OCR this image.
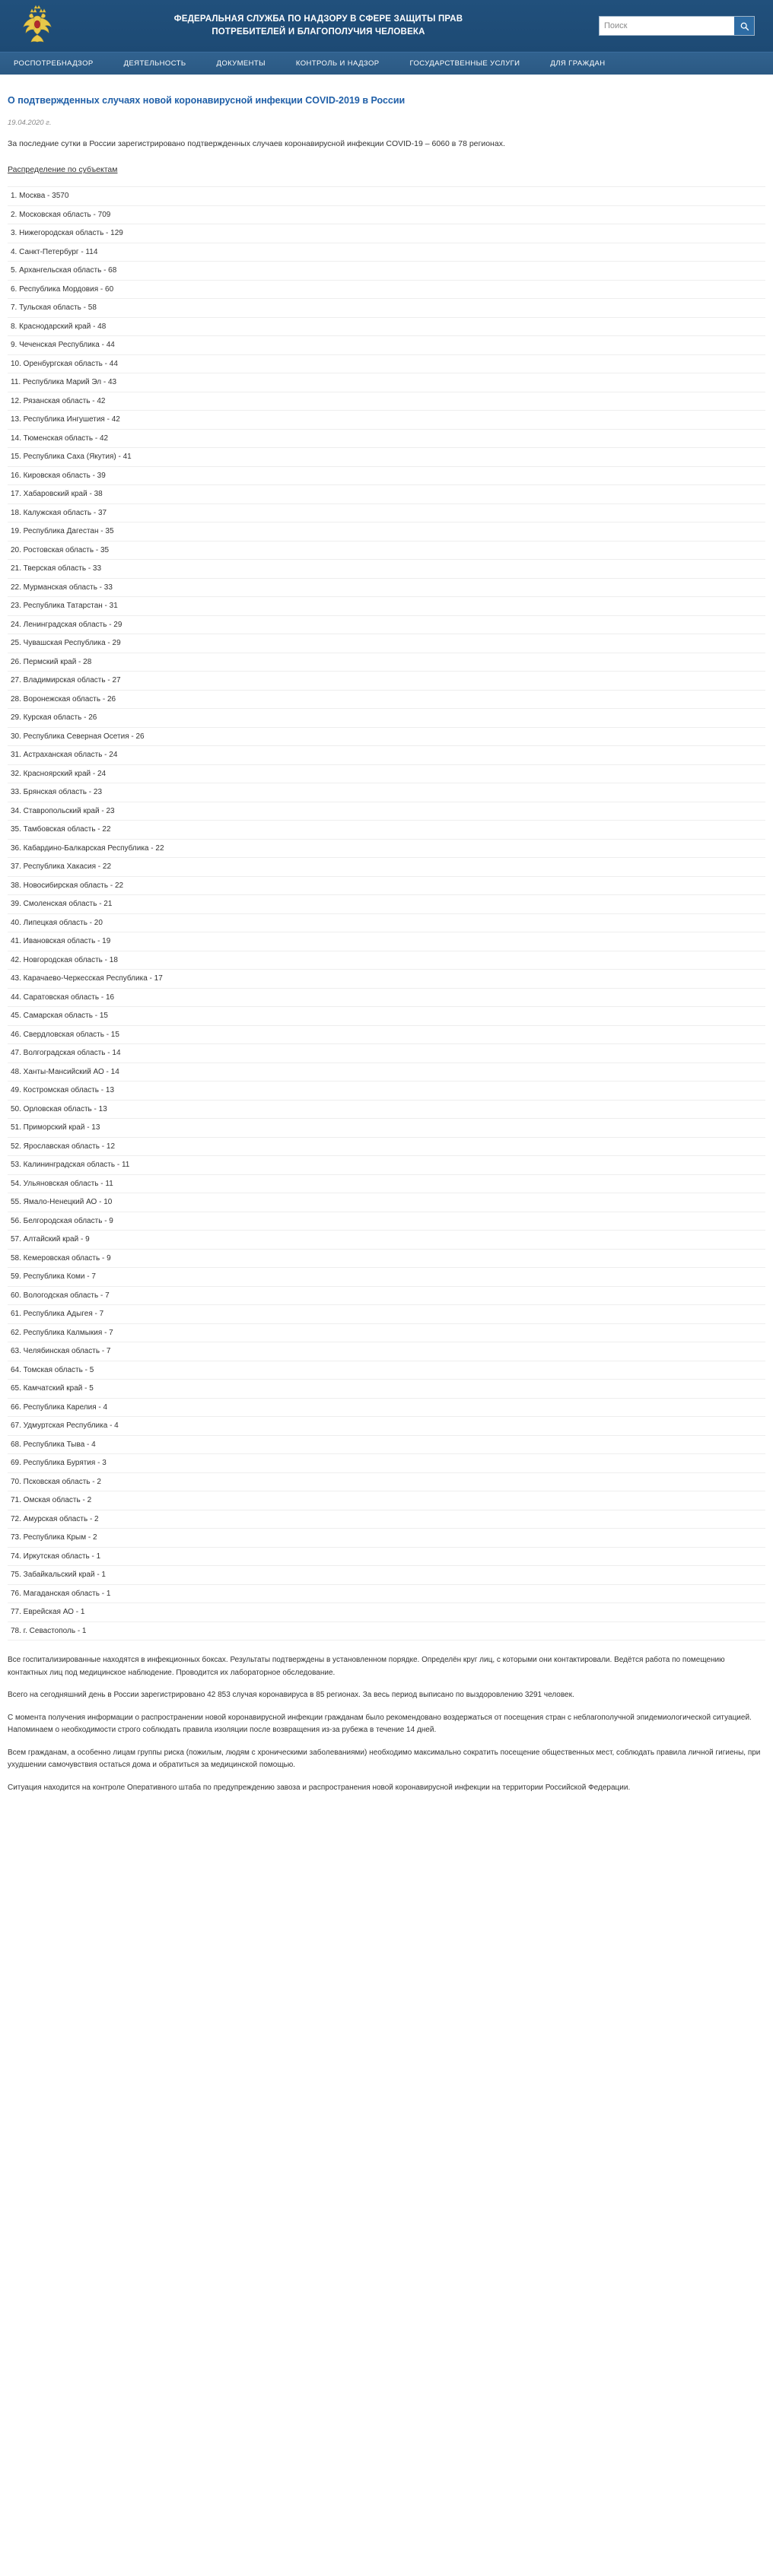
ФЕДЕРАЛЬНАЯ СЛУЖБА ПО НАДЗОРУ В СФЕРЕ ЗАЩИТЫ ПРАВ
ПОТРЕБИТЕЛЕЙ И БЛАГОПОЛУЧИЯ ЧЕЛОВЕКА
Поиск
РОСПОТРЕБНАДЗОР	ДЕЯТЕЛЬНОСТЬ	ДОКУМЕНТЫ	КОНТРОЛЬ И НАДЗОР	ГОСУДАРСТВЕННЫЕ УСЛУГИ	ДЛЯ ГРАЖДАН
О подтвержденных случаях новой коронавирусной инфекции COVID-2019 в России
19.04.2020 г.

За последние сутки в России зарегистрировано подтвержденных случаев коронавирусной инфекции COVID-19 – 6060 в 78 регионах.

Распределение по субъектам

1. Москва - 3570
2. Московская область - 709
3. Нижегородская область - 129
4. Санкт-Петербург - 114
5. Архангельская область - 68
6. Республика Мордовия - 60
7. Тульская область - 58
8. Краснодарский край - 48
9. Чеченская Республика - 44
10. Оренбургская область - 44
11. Республика Марий Эл - 43
12. Рязанская область - 42
13. Республика Ингушетия - 42
14. Тюменская область - 42
15. Республика Саха (Якутия) - 41
16. Кировская область - 39
17. Хабаровский край - 38
18. Калужская область - 37
19. Республика Дагестан - 35
20. Ростовская область - 35
21. Тверская область - 33
22. Мурманская область - 33
23. Республика Татарстан - 31
24. Ленинградская область - 29
25. Чувашская Республика - 29
26. Пермский край - 28
27. Владимирская область - 27
28. Воронежская область - 26
29. Курская область - 26
30. Республика Северная Осетия - 26
31. Астраханская область - 24
32. Красноярский край - 24
33. Брянская область - 23
34. Ставропольский край - 23
35. Тамбовская область - 22
36. Кабардино-Балкарская Республика - 22
37. Республика Хакасия - 22
38. Новосибирская область - 22
39. Смоленская область - 21
40. Липецкая область - 20
41. Ивановская область - 19
42. Новгородская область - 18
43. Карачаево-Черкесская Республика - 17
44. Саратовская область - 16
45. Самарская область - 15
46. Свердловская область - 15
47. Волгоградская область - 14
48. Ханты-Мансийский АО - 14
49. Костромская область - 13
50. Орловская область - 13
51. Приморский край - 13
52. Ярославская область - 12
53. Калининградская область - 11
54. Ульяновская область - 11
55. Ямало-Ненецкий АО - 10
56. Белгородская область - 9
57. Алтайский край - 9
58. Кемеровская область - 9
59. Республика Коми - 7
60. Вологодская область - 7
61. Республика Адыгея - 7
62. Республика Калмыкия - 7
63. Челябинская область - 7
64. Томская область - 5
65. Камчатский край - 5
66. Республика Карелия - 4
67. Удмуртская Республика - 4
68. Республика Тыва - 4
69. Республика Бурятия - 3
70. Псковская область - 2
71. Омская область - 2
72. Амурская область - 2
73. Республика Крым - 2
74. Иркутская область - 1
75. Забайкальский край - 1
76. Магаданская область - 1
77. Еврейская АО - 1
78. г. Севастополь - 1

Все госпитализированные находятся в инфекционных боксах. Результаты подтверждены в установленном порядке. Определён круг лиц, с которыми они контактировали. Ведётся работа по помещению контактных лиц под медицинское наблюдение. Проводится их лабораторное обследование.

Всего на сегодняшний день в России зарегистрировано 42 853 случая коронавируса в 85 регионах. За весь период выписано по выздоровлению 3291 человек.

С момента получения информации о распространении новой коронавирусной инфекции гражданам было рекомендовано воздержаться от посещения стран с неблагополучной эпидемиологической ситуацией. Напоминаем о необходимости строго соблюдать правила изоляции после возвращения из-за рубежа в течение 14 дней.

Всем гражданам, а особенно лицам группы риска (пожилым, людям с хроническими заболеваниями) необходимо максимально сократить посещение общественных мест, соблюдать правила личной гигиены, при ухудшении самочувствия остаться дома и обратиться за медицинской помощью.

Ситуация находится на контроле Оперативного штаба по предупреждению завоза и распространения новой коронавирусной инфекции на территории Российской Федерации.
